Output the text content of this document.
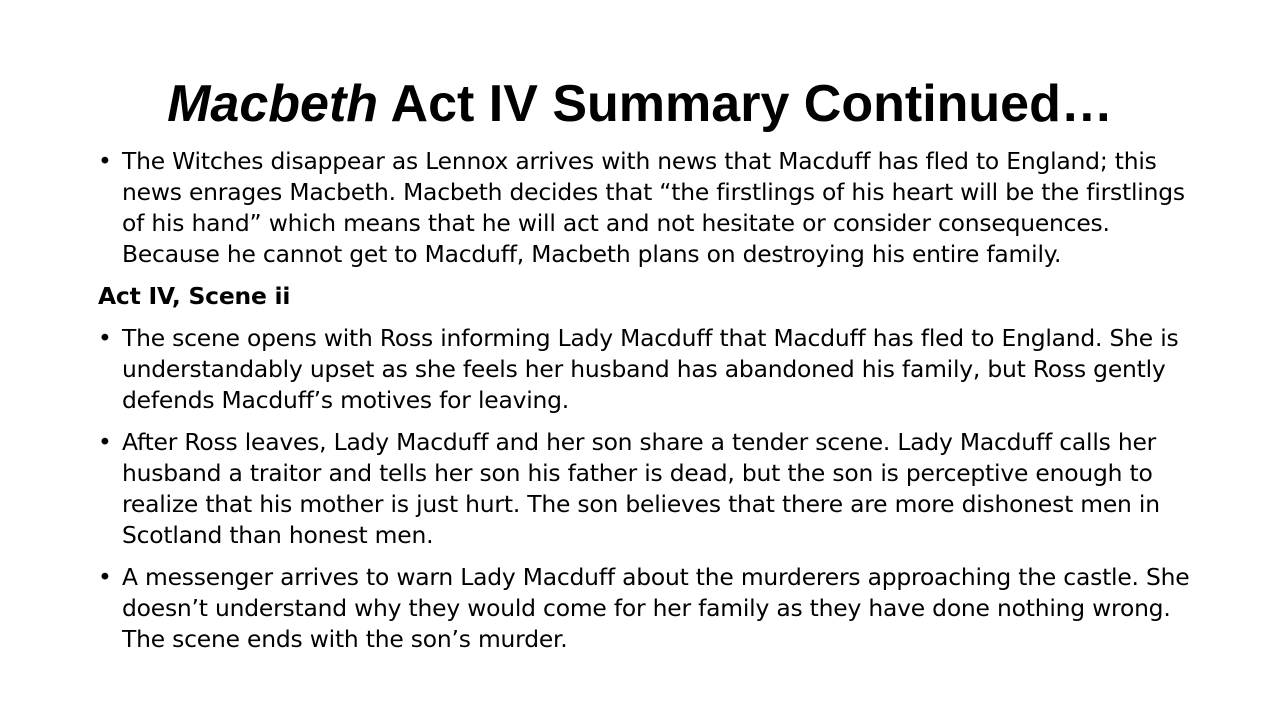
Macbeth Act IV Summary Continued…
• The Witches disappear as Lennox arrives with news that Macduff has fled to England; this news enrages Macbeth. Macbeth decides that “the firstlings of his heart will be the firstlings of his hand” which means that he will act and not hesitate or consider consequences. Because he cannot get to Macduff, Macbeth plans on destroying his entire family.
Act IV, Scene ii
• The scene opens with Ross informing Lady Macduff that Macduff has fled to England. She is understandably upset as she feels her husband has abandoned his family, but Ross gently defends Macduff’s motives for leaving.
• After Ross leaves, Lady Macduff and her son share a tender scene. Lady Macduff calls her husband a traitor and tells her son his father is dead, but the son is perceptive enough to realize that his mother is just hurt. The son believes that there are more dishonest men in Scotland than honest men.
• A messenger arrives to warn Lady Macduff about the murderers approaching the castle. She doesn’t understand why they would come for her family as they have done nothing wrong. The scene ends with the son’s murder.
